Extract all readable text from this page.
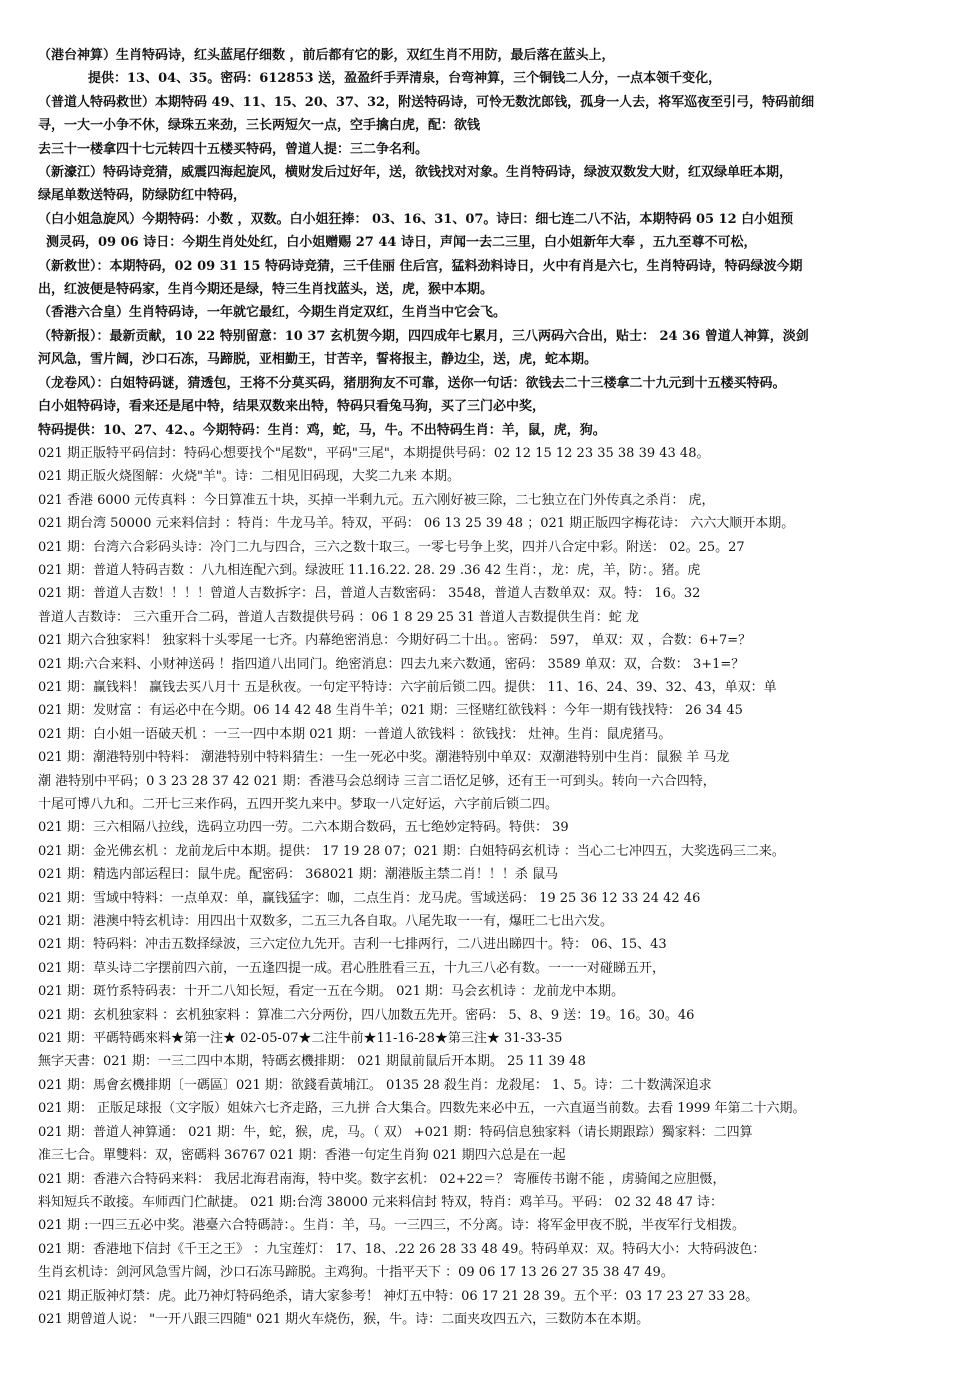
（港台神算）生肖特码诗，红头蓝尾仔细数 ，前后都有它的影，双红生肖不用防，最后落在蓝头上，
提供：13、04、35。密码：612853 送，盈盈纤手弄清泉，台弯神算，三个铜钱二人分，一点本领千变化，
（普道人特码救世）本期特码 49、11、15、20、37、32，附送特码诗，可怜无数沈郎钱，孤身一人去，将军巡夜至引弓，特码前细
寻，一大一小争不休，绿珠五来劲，三长两短欠一点，空手擒白虎，配：欲钱
去三十一楼拿四十七元转四十五楼买特码，曾道人提：三二争名利。
（新濠江）特码诗竞猜，威震四海起旋风，横财发后过好年，送，欲钱找对对象。生肖特码诗，绿波双数发大财，红双绿单旺本期，
绿尾单数送特码，防绿防红中特码，
（白小姐急旋风）今期特码：小数 ，双数。白小姐狂捧： 03、16、31、07。诗曰：细七连二八不沾，本期特码 05 12 白小姐预
测灵码，09 06 诗日：今期生肖处处红，白小姐赠赐 27 44 诗日，声闻一去二三里，白小姐新年大奉 ，五九至尊不可松，
（新救世）：本期特码，02 09 31 15 特码诗竞猜，三千佳丽 住后宫，猛料劲料诗日，火中有肖是六七，生肖特码诗，特码绿波今期
出，红波便是特码家，生肖今期还是绿，特三生肖找蓝头，送，虎，猴中本期。
（香港六合皇）生肖特码诗，一年就它最红，今期生肖定双红，生肖当中它会飞。
（特新报）：最新贡献，10 22 特别留意：10 37 玄机贺今期，四四成年七累月，三八两码六合出，贴士： 24 36 曾道人神算，淡剑
河风急，雪片阔，沙口石冻，马蹄脱，亚相勤王，甘苦辛，誓将报主，静边尘，送，虎，蛇本期。
（龙卷风）：白姐特码谜，猜透包，王将不分莫买码，猪朋狗友不可靠，送你一句话：欲钱去二十三楼拿二十九元到十五楼买特码。
白小姐特码诗，看来还是尾中特，结果双数来出特，特码只看兔马狗，买了三门必中奖，
特码提供：10、27、42、。今期特码：生肖：鸡，蛇，马，牛。不出特码生肖：羊，鼠，虎，狗。
021 期正版特平码信封：特码心想要找个"尾数"，平码"三尾"，本期提供号码：02 12 15 12 23 35 38 39 43 48。
021 期正版火烧图解：火烧"羊"。诗：二相见旧码现，大奖二九来 本期。
021 香港 6000 元传真料 ：今日算准五十块，买掉一半剩九元。五六刚好被三除，二七独立在门外传真之杀肖： 虎，
021 期台湾 50000 元来料信封 ：特肖：牛龙马羊。特双，平码： 06 13 25 39 48 ；021 期正版四字梅花诗： 六六大顺开本期。
021 期：台湾六合彩码头诗：冷门二九与四合，三六之数十取三。一零七号争上奖，四并八合定中彩。附送： 02。25。27
021 期：普道人特码吉数 ：八九相连配六到。绿波旺 11.16.22. 28. 29 .36 42 生肖：，龙：虎，羊，防：。猪。虎
021 期：普道人吉数！！！！曾道人吉数拆字：吕，普道人吉数密码： 3548，普道人吉数单双：双。特： 16。32
普道人吉数诗： 三六重开合二码，普道人吉数提供号码 ：06 1 8 29 25 31 普道人吉数提供生肖：蛇 龙
021 期六合独家料！ 独家料十头零尾一七齐。内幕绝密消息：今期好码二十出。。密码： 597， 单双：双 ，合数：6+7=？
021 期:六合来料、小财神送码 ！指四道八出同门。绝密消息：四去九来六数通，密码： 3589 单双：双，合数： 3+1=？
021 期：赢钱料！ 赢钱去买八月十 五是秋夜。一句定平特诗：六字前后锁二四。提供： 11、16、24、39、32、43，单双：单
021 期：发财富 ：有运必中在今期。06 14 42 48 生肖牛羊；021 期：三怪赌红欲钱料 ：今年一期有钱找特： 26 34 45
021 期：白小姐一语破天机 ：一三一四中本期 021 期：一普道人欲钱料 ：欲钱找： 灶神。生肖：鼠虎猪马。
021 期：潮港特别中特料： 潮港特别中特料猜生：一生一死必中奖。潮港特别中单双：双潮港特别中生肖：鼠猴 羊 马龙
潮 港特别中平码；0 3 23 28 37 42 021 期：香港马会总纲诗 三言二语忆足够，还有王一可到头。转向一六合四特，
十尾可博八九和。二开七三来作码，五四开奖九来中。梦取一八定好运，六字前后锁二四。
021 期：三六相隔八拉线，选码立功四一劳。二六本期合数码，五七绝妙定特码。特供： 39
021 期：金光佛玄机 ：龙前龙后中本期。提供： 17 19 28 07；021 期：白姐特码玄机诗 ：当心二七冲四五，大奖选码三二来。
021 期：精选内部运程曰：鼠牛虎。配密码： 368021 期：潮港版主禁二肖！！！杀 鼠马
021 期：雪域中特料：一点单双：单，赢钱猛字：咖，二点生肖：龙马虎。雪域送码： 19 25 36 12 33 24 42 46
021 期：港澳中特玄机诗：用四出十双数多，二五三九各自取。八尾先取一一有，爆旺二七出六发。
021 期：特码料：冲击五数择绿波，三六定位九先开。吉利一七排两行，二八进出睇四十。特： 06、15、43
021 期：草头诗二字摆前四六前，一五逢四提一成。君心胜胜看三五，十九三八必有数。一一一对碰睇五开，
021 期：斑竹系特码表：十开二八知长短，看定一五在今期。 021 期：马会玄机诗 ：龙前龙中本期。
021 期：玄机独家料 ：玄机独家料 ：算准二六分两份，四八加数五先开。密码： 5、8、9 送：19。16。30。46
021 期：平碼特碼來料★第一注★ 02-05-07★二注牛前★11-16-28★第三注★ 31-33-35
無字天書：021 期：一三二四中本期，特碼玄機排期： 021 期鼠前鼠后开本期。 25 11 39 48
021 期：馬會玄機排期〔一碼區〕021 期：欲錢看黃埔江。 0135 28 殺生肖：龙殺尾： 1、5。诗：二十数满深追求
021 期： 正版足球报（文字版）姐妹六七齐走路，三九拼 合大集合。四数先来必中五，一六直逼当前数。去看 1999 年第二十六期。
021 期：普道人神算通： 021 期：牛，蛇，猴，虎，马。（ 双） +021 期：特码信息独家料（请长期跟踪）獨家料：二四算
准三七合。單雙料：双，密碼料 36767 021 期：香港一句定生肖狗 021 期四六总是在一起
021 期：香港六合特码来料： 我居北海君南海，特中奖。数字玄机： 02+22＝？ 寄雁传书谢不能 ，虏骑闻之应胆慑，
料知短兵不敢接。车师西门伫献捷。 021 期:台湾 38000 元来料信封 特双，特肖：鸡羊马。平码： 02 32 48 47 诗：
021 期 :一四三五必中奖。港臺六合特碼詩：。生肖：羊，马。一三四三，不分离。诗：将军金甲夜不脱，半夜军行戈相拨。
021 期：香港地下信封《千王之王》 ：九宝莲灯： 17、18、.22 26 28 33 48 49。特码单双：双。特码大小：大特码波色：
生肖玄机诗：剑河风急雪片阔，沙口石冻马蹄脱。主鸡狗。十指平天下 ：09 06 17 13 26 27 35 38 47 49。
021 期正版神灯禁：虎。此乃神灯特码绝杀，请大家参考！ 神灯五中特：06 17 21 28 39。五个平：03 17 23 27 33 28。
021 期曾道人说： "一开八跟三四随" 021 期火车烧伤，猴，牛。诗：二面夹攻四五六，三数防本在本期。
